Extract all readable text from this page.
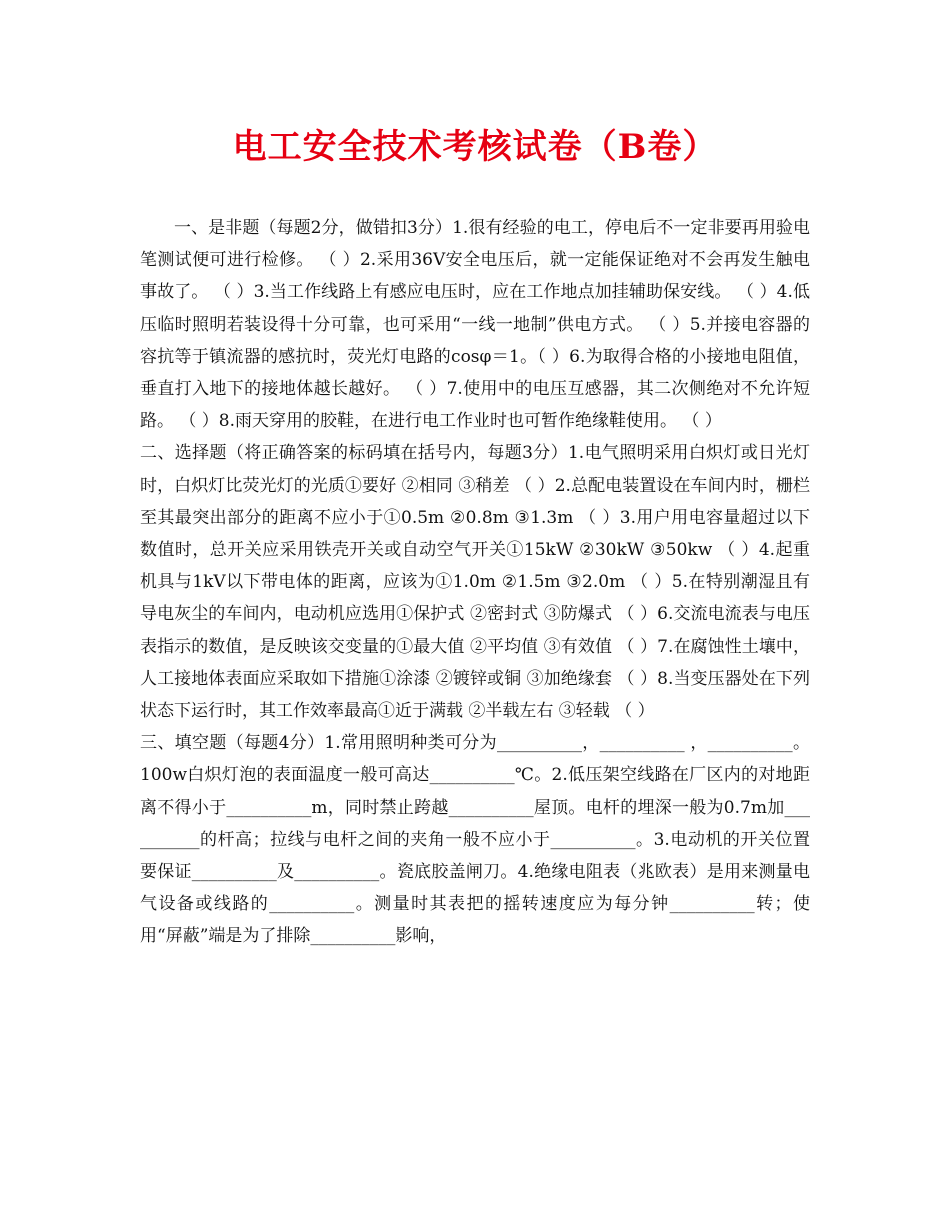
电工安全技术考核试卷（B卷）

一、是非题（每题2分，做错扣3分）1.很有经验的电工，停电后不一定非要再用验电笔测试便可进行检修。 （ ）2.采用36V安全电压后，就一定能保证绝对不会再发生触电事故了。 （ ）3.当工作线路上有感应电压时，应在工作地点加挂辅助保安线。 （ ）4.低压临时照明若装设得十分可靠，也可采用“一线一地制”供电方式。 （ ）5.并接电容器的容抗等于镇流器的感抗时，荧光灯电路的cosφ＝1。（ ）6.为取得合格的小接地电阻值，垂直打入地下的接地体越长越好。 （ ）7.使用中的电压互感器，其二次侧绝对不允许短路。 （ ）8.雨天穿用的胶鞋，在进行电工作业时也可暂作绝缘鞋使用。 （ ）

二、选择题（将正确答案的标码填在括号内，每题3分）1.电气照明采用白炽灯或日光灯时，白炽灯比荧光灯的光质①要好 ②相同 ③稍差 （ ）2.总配电装置设在车间内时，栅栏至其最突出部分的距离不应小于①0.5m ②0.8m ③1.3m （ ）3.用户用电容量超过以下数值时，总开关应采用铁壳开关或自动空气开关①15kW ②30kW ③50kw （ ）4.起重机具与1kV以下带电体的距离，应该为①1.0m ②1.5m ③2.0m （ ）5.在特别潮湿且有导电灰尘的车间内，电动机应选用①保护式 ②密封式 ③防爆式 （ ）6.交流电流表与电压表指示的数值，是反映该交变量的①最大值 ②平均值 ③有效值 （ ）7.在腐蚀性土壤中，人工接地体表面应采取如下措施①涂漆 ②镀锌或铜 ③加绝缘套 （ ）8.当变压器处在下列状态下运行时，其工作效率最高①近于满载 ②半载左右 ③轻载 （ ）

三、填空题（每题4分）1.常用照明种类可分为__________，__________ ，__________。100w白炽灯泡的表面温度一般可高达__________℃。2.低压架空线路在厂区内的对地距离不得小于__________m，同时禁止跨越__________屋顶。电杆的埋深一般为0.7m加__________的杆高；拉线与电杆之间的夹角一般不应小于__________。3.电动机的开关位置要保证__________及__________。瓷底胶盖闸刀。4.绝缘电阻表（兆欧表）是用来测量电气设备或线路的__________。测量时其表把的摇转速度应为每分钟__________转；使用“屏蔽”端是为了排除__________影响，
